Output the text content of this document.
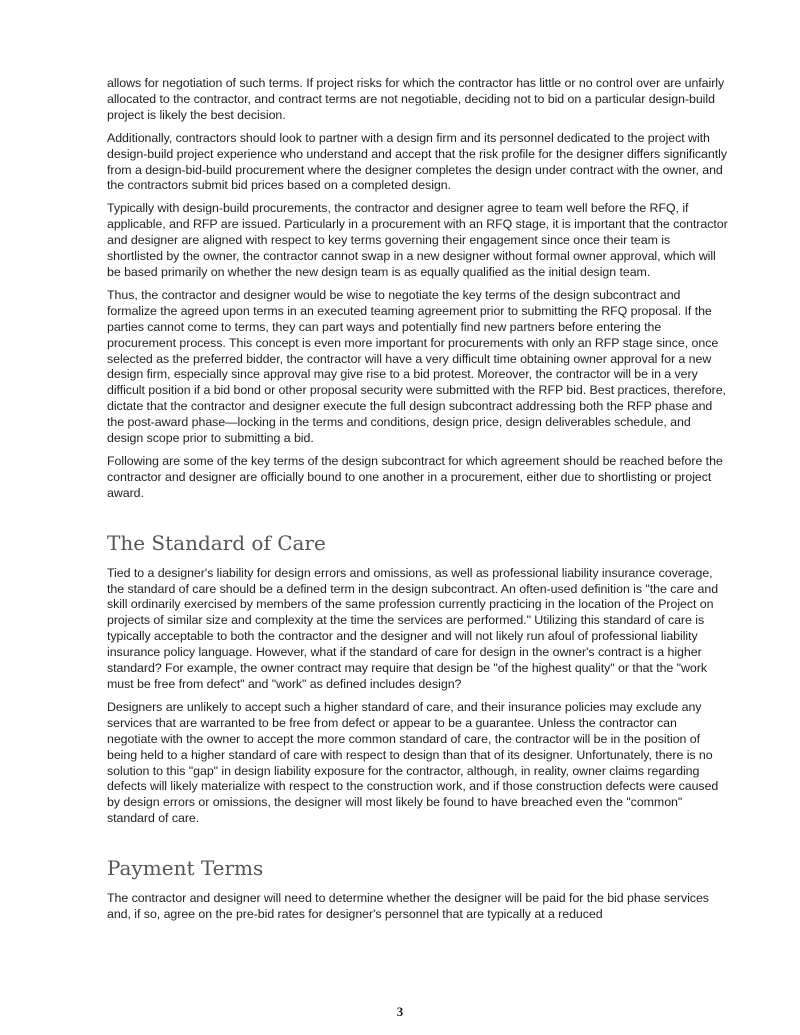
allows for negotiation of such terms. If project risks for which the contractor has little or no control over are unfairly allocated to the contractor, and contract terms are not negotiable, deciding not to bid on a particular design-build project is likely the best decision.

Additionally, contractors should look to partner with a design firm and its personnel dedicated to the project with design-build project experience who understand and accept that the risk profile for the designer differs significantly from a design-bid-build procurement where the designer completes the design under contract with the owner, and the contractors submit bid prices based on a completed design.

Typically with design-build procurements, the contractor and designer agree to team well before the RFQ, if applicable, and RFP are issued. Particularly in a procurement with an RFQ stage, it is important that the contractor and designer are aligned with respect to key terms governing their engagement since once their team is shortlisted by the owner, the contractor cannot swap in a new designer without formal owner approval, which will be based primarily on whether the new design team is as equally qualified as the initial design team.

Thus, the contractor and designer would be wise to negotiate the key terms of the design subcontract and formalize the agreed upon terms in an executed teaming agreement prior to submitting the RFQ proposal. If the parties cannot come to terms, they can part ways and potentially find new partners before entering the procurement process. This concept is even more important for procurements with only an RFP stage since, once selected as the preferred bidder, the contractor will have a very difficult time obtaining owner approval for a new design firm, especially since approval may give rise to a bid protest. Moreover, the contractor will be in a very difficult position if a bid bond or other proposal security were submitted with the RFP bid. Best practices, therefore, dictate that the contractor and designer execute the full design subcontract addressing both the RFP phase and the post-award phase—locking in the terms and conditions, design price, design deliverables schedule, and design scope prior to submitting a bid.

Following are some of the key terms of the design subcontract for which agreement should be reached before the contractor and designer are officially bound to one another in a procurement, either due to shortlisting or project award.

The Standard of Care

Tied to a designer's liability for design errors and omissions, as well as professional liability insurance coverage, the standard of care should be a defined term in the design subcontract. An often-used definition is "the care and skill ordinarily exercised by members of the same profession currently practicing in the location of the Project on projects of similar size and complexity at the time the services are performed." Utilizing this standard of care is typically acceptable to both the contractor and the designer and will not likely run afoul of professional liability insurance policy language. However, what if the standard of care for design in the owner's contract is a higher standard? For example, the owner contract may require that design be "of the highest quality" or that the "work must be free from defect" and "work" as defined includes design?

Designers are unlikely to accept such a higher standard of care, and their insurance policies may exclude any services that are warranted to be free from defect or appear to be a guarantee. Unless the contractor can negotiate with the owner to accept the more common standard of care, the contractor will be in the position of being held to a higher standard of care with respect to design than that of its designer. Unfortunately, there is no solution to this "gap" in design liability exposure for the contractor, although, in reality, owner claims regarding defects will likely materialize with respect to the construction work, and if those construction defects were caused by design errors or omissions, the designer will most likely be found to have breached even the "common" standard of care.

Payment Terms

The contractor and designer will need to determine whether the designer will be paid for the bid phase services and, if so, agree on the pre-bid rates for designer's personnel that are typically at a reduced

3
